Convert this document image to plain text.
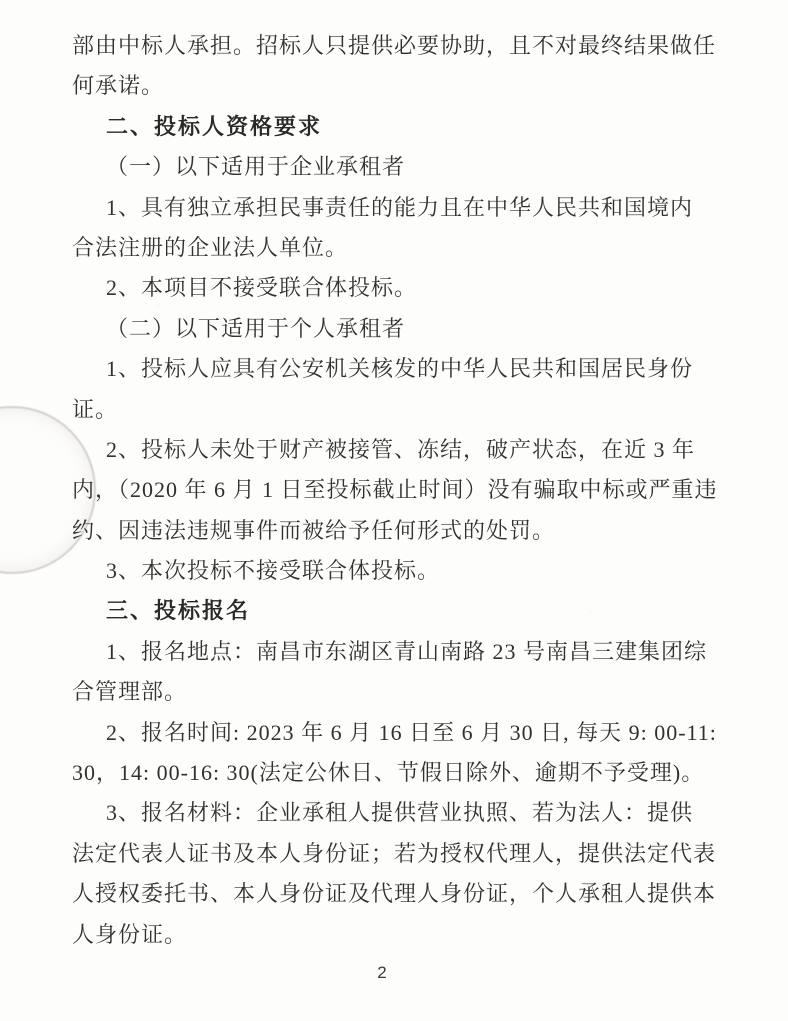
部由中标人承担。招标人只提供必要协助，且不对最终结果做任
何承诺。
二、投标人资格要求
（一）以下适用于企业承租者
1、具有独立承担民事责任的能力且在中华人民共和国境内
合法注册的企业法人单位。
2、本项目不接受联合体投标。
（二）以下适用于个人承租者
1、投标人应具有公安机关核发的中华人民共和国居民身份
证。
2、投标人未处于财产被接管、冻结，破产状态，在近 3 年
内，（2020 年 6 月 1 日至投标截止时间）没有骗取中标或严重违
约、因违法违规事件而被给予任何形式的处罚。
3、本次投标不接受联合体投标。
三、投标报名
1、报名地点：南昌市东湖区青山南路 23 号南昌三建集团综
合管理部。
2、报名时间: 2023 年 6 月 16 日至 6 月 30 日, 每天 9: 00-11:
30，14: 00-16: 30(法定公休日、节假日除外、逾期不予受理)。
3、报名材料：企业承租人提供营业执照、若为法人：提供
法定代表人证书及本人身份证；若为授权代理人，提供法定代表
人授权委托书、本人身份证及代理人身份证，个人承租人提供本
人身份证。
2
